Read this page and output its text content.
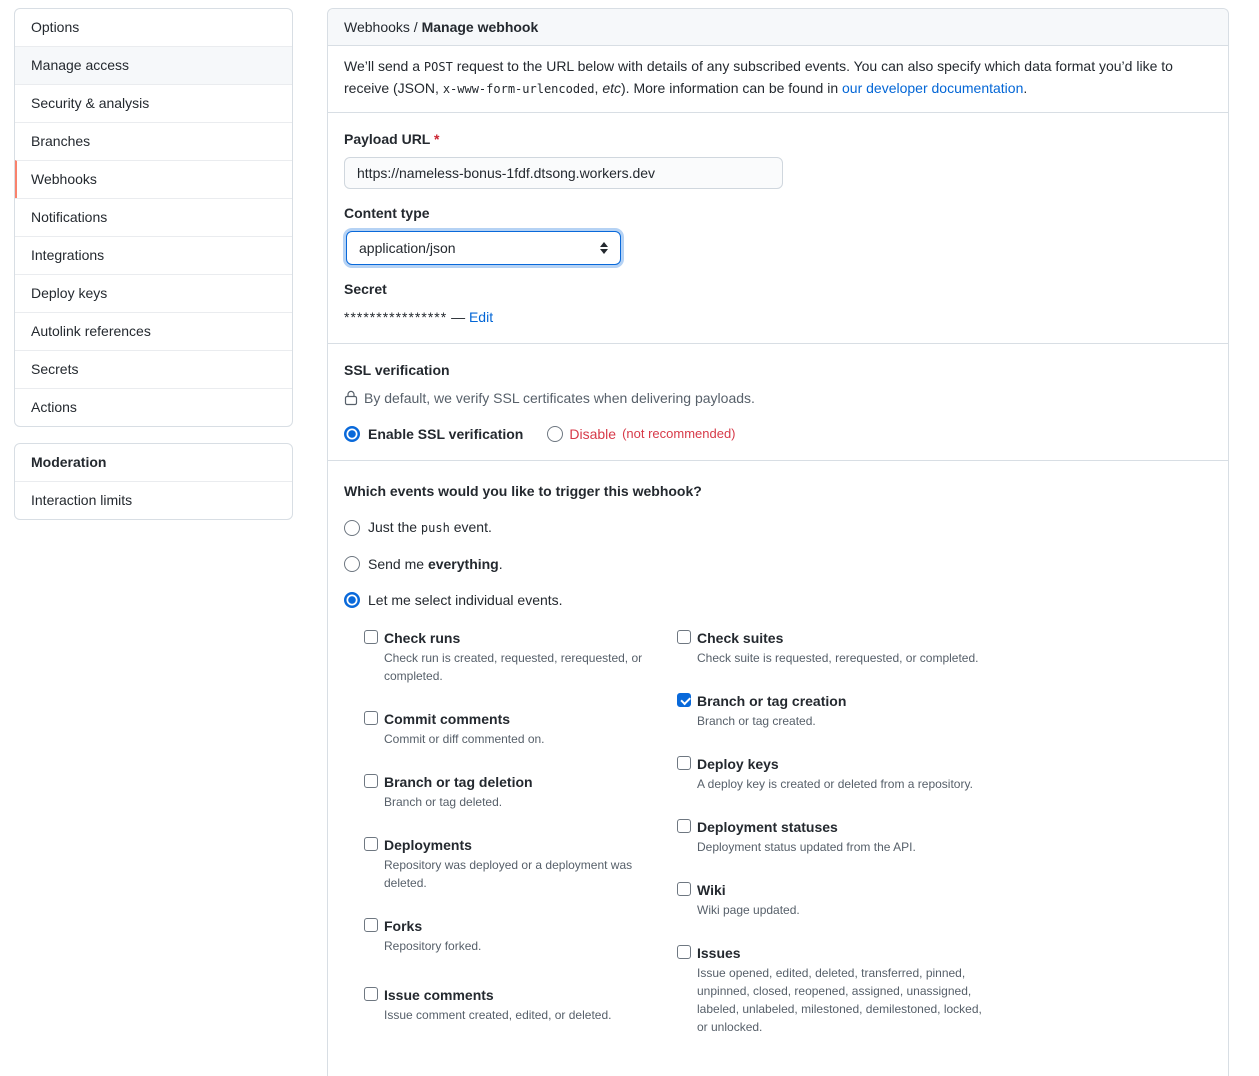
Options
Manage access
Security & analysis
Branches
Webhooks
Notifications
Integrations
Deploy keys
Autolink references
Secrets
Actions
Moderation
Interaction limits
Webhooks / Manage webhook

We’ll send a POST request to the URL below with details of any subscribed events. You can also specify which data format you’d like to receive (JSON, x-www-form-urlencoded, etc). More information can be found in our developer documentation.

Payload URL *
https://nameless-bonus-1fdf.dtsong.workers.dev
Content type
application/json
Secret
**************** — Edit
SSL verification
By default, we verify SSL certificates when delivering payloads.
Enable SSL verification	Disable (not recommended)
Which events would you like to trigger this webhook?
Just the push event.
Send me everything.
Let me select individual events.
Check runs
Check run is created, requested, rerequested, or completed.
Commit comments
Commit or diff commented on.
Branch or tag deletion
Branch or tag deleted.
Deployments
Repository was deployed or a deployment was deleted.
Forks
Repository forked.
Issue comments
Issue comment created, edited, or deleted.
Check suites
Check suite is requested, rerequested, or completed.
Branch or tag creation
Branch or tag created.
Deploy keys
A deploy key is created or deleted from a repository.
Deployment statuses
Deployment status updated from the API.
Wiki
Wiki page updated.
Issues
Issue opened, edited, deleted, transferred, pinned, unpinned, closed, reopened, assigned, unassigned, labeled, unlabeled, milestoned, demilestoned, locked, or unlocked.
